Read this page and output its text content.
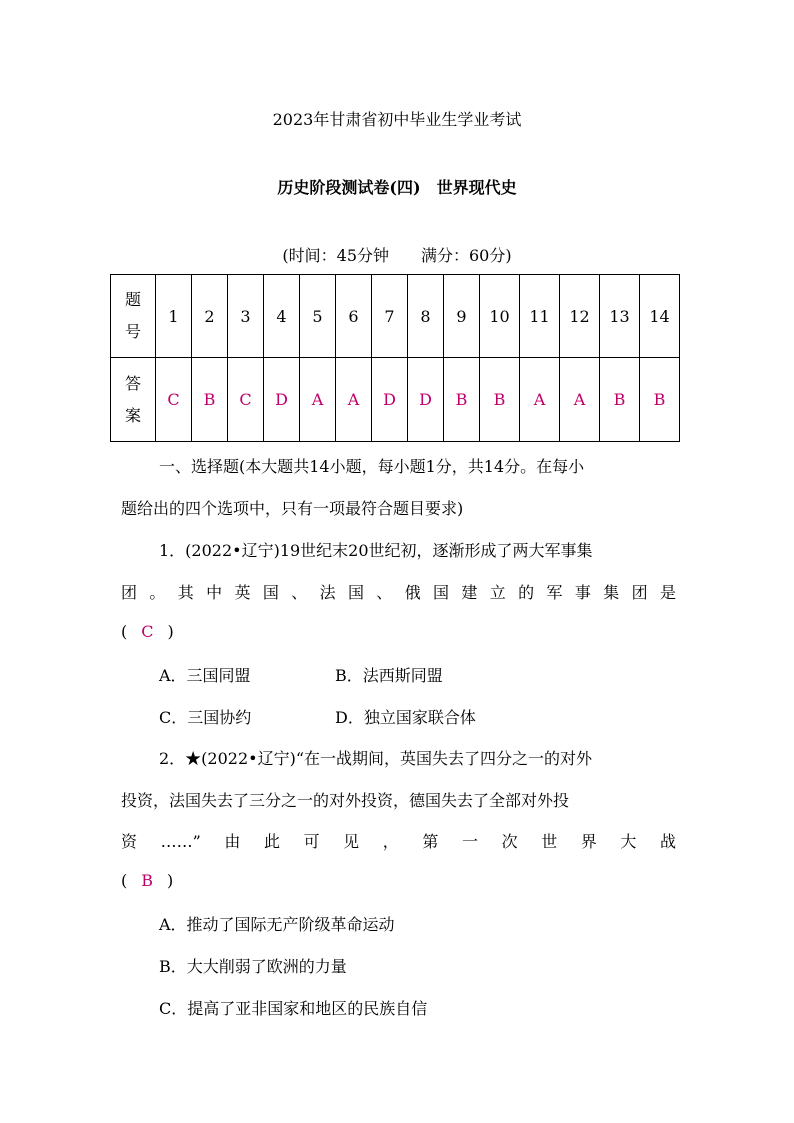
2023年甘肃省初中毕业生学业考试
历史阶段测试卷(四)　世界现代史
(时间：45分钟　　满分：60分)
题
号	1	2	3	4	5	6	7	8	9	10	11	12	13	14

答
案	C	B	C	D	A	A	D	D	B	B	A	A	B	B
一、选择题(本大题共14小题，每小题1分，共14分。在每小
题给出的四个选项中，只有一项最符合题目要求)
1．(2022•辽宁)19世纪末20世纪初，逐渐形成了两大军事集
团。其中英国、法国、俄国建立的军事集团是
( C )
A．三国同盟	B．法西斯同盟
C．三国协约	D．独立国家联合体
2．★(2022•辽宁)“在一战期间，英国失去了四分之一的对外
投资，法国失去了三分之一的对外投资，德国失去了全部对外投
资……”由此可见，第一次世界大战
( B )
A．推动了国际无产阶级革命运动
B．大大削弱了欧洲的力量
C．提高了亚非国家和地区的民族自信
